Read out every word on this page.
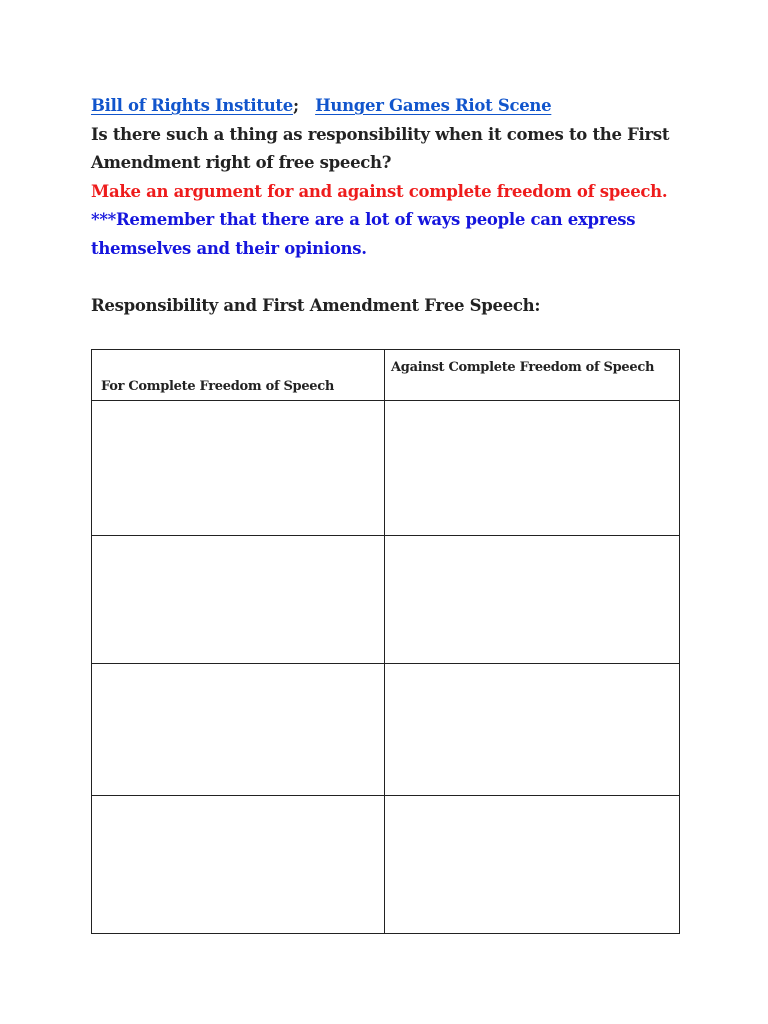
Bill of Rights Institute; Hunger Games Riot Scene
Is there such a thing as responsibility when it comes to the First
Amendment right of free speech?
Make an argument for and against complete freedom of speech.
***Remember that there are a lot of ways people can express
themselves and their opinions.
Responsibility and First Amendment Free Speech:
For Complete Freedom of Speech	Against Complete Freedom of Speech
